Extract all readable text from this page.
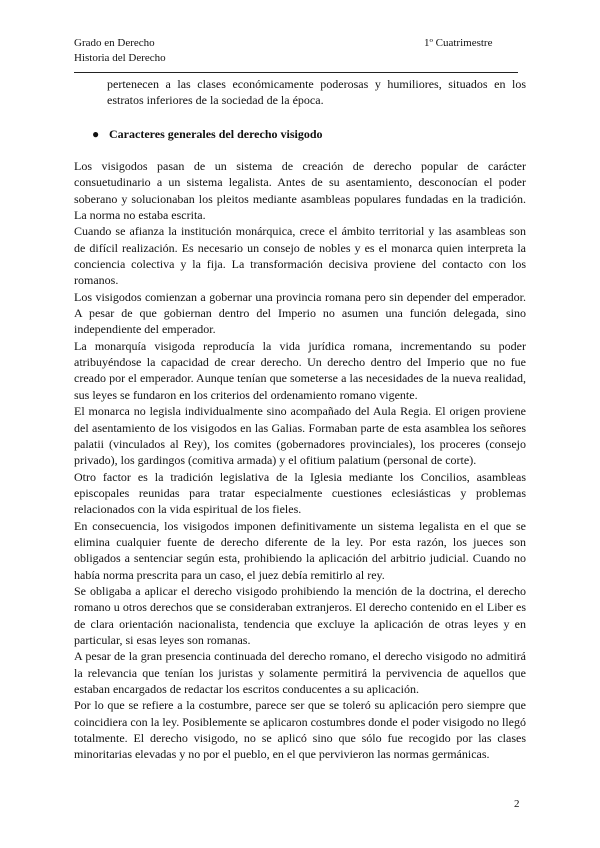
Grado en Derecho
Historia del Derecho
1º Cuatrimestre

pertenecen a las clases económicamente poderosas y humiliores, situados en los estratos inferiores de la sociedad de la época.

● Caracteres generales del derecho visigodo

Los visigodos pasan de un sistema de creación de derecho popular de carácter consuetudinario a un sistema legalista. Antes de su asentamiento, desconocían el poder soberano y solucionaban los pleitos mediante asambleas populares fundadas en la tradición. La norma no estaba escrita.

Cuando se afianza la institución monárquica, crece el ámbito territorial y las asambleas son de difícil realización. Es necesario un consejo de nobles y es el monarca quien interpreta la conciencia colectiva y la fija. La transformación decisiva proviene del contacto con los romanos.

Los visigodos comienzan a gobernar una provincia romana pero sin depender del emperador. A pesar de que gobiernan dentro del Imperio no asumen una función delegada, sino independiente del emperador.

La monarquía visigoda reproducía la vida jurídica romana, incrementando su poder atribuyéndose la capacidad de crear derecho. Un derecho dentro del Imperio que no fue creado por el emperador. Aunque tenían que someterse a las necesidades de la nueva realidad, sus leyes se fundaron en los criterios del ordenamiento romano vigente.

El monarca no legisla individualmente sino acompañado del Aula Regia. El origen proviene del asentamiento de los visigodos en las Galias. Formaban parte de esta asamblea los señores palatii (vinculados al Rey), los comites (gobernadores provinciales), los proceres (consejo privado), los gardingos (comitiva armada) y el ofitium palatium (personal de corte).

Otro factor es la tradición legislativa de la Iglesia mediante los Concilios, asambleas episcopales reunidas para tratar especialmente cuestiones eclesiásticas y problemas relacionados con la vida espiritual de los fieles.

En consecuencia, los visigodos imponen definitivamente un sistema legalista en el que se elimina cualquier fuente de derecho diferente de la ley. Por esta razón, los jueces son obligados a sentenciar según esta, prohibiendo la aplicación del arbitrio judicial. Cuando no había norma prescrita para un caso, el juez debía remitirlo al rey.

Se obligaba a aplicar el derecho visigodo prohibiendo la mención de la doctrina, el derecho romano u otros derechos que se consideraban extranjeros. El derecho contenido en el Liber es de clara orientación nacionalista, tendencia que excluye la aplicación de otras leyes y en particular, si esas leyes son romanas.

A pesar de la gran presencia continuada del derecho romano, el derecho visigodo no admitirá la relevancia que tenían los juristas y solamente permitirá la pervivencia de aquellos que estaban encargados de redactar los escritos conducentes a su aplicación.

Por lo que se refiere a la costumbre, parece ser que se toleró su aplicación pero siempre que coincidiera con la ley. Posiblemente se aplicaron costumbres donde el poder visigodo no llegó totalmente. El derecho visigodo, no se aplicó sino que sólo fue recogido por las clases minoritarias elevadas y no por el pueblo, en el que pervivieron las normas germánicas.

2
